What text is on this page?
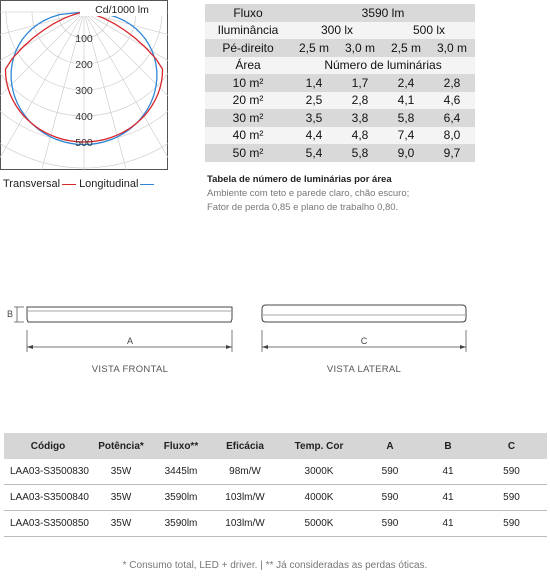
100
200
300
400
500
Cd/1000 lm
Transversal Longitudinal
Fluxo	3590 lm			
Iluminância	300 lx		500 lx	
Pé-direito	2,5 m	3,0 m	2,5 m	3,0 m
Área	Número de luminárias			
10 m²	1,4	1,7	2,4	2,8
20 m²	2,5	2,8	4,1	4,6
30 m²	3,5	3,8	5,8	6,4
40 m²	4,4	4,8	7,4	8,0
50 m²	5,4	5,8	9,0	9,7
Tabela de número de luminárias por área
Ambiente com teto e parede claro, chão escuro;
Fator de perda 0,85 e plano de trabalho 0,80.
B
A	C
VISTA FRONTAL	VISTA LATERAL
Código	Potência*	Fluxo**	Eficácia	Temp. Cor	A	B	C
LAA03-S3500830	35W	3445lm	98m/W	3000K	590	41	590
LAA03-S3500840	35W	3590lm	103lm/W	4000K	590	41	590
LAA03-S3500850	35W	3590lm	103lm/W	5000K	590	41	590
* Consumo total, LED + driver. | ** Já consideradas as perdas óticas.
